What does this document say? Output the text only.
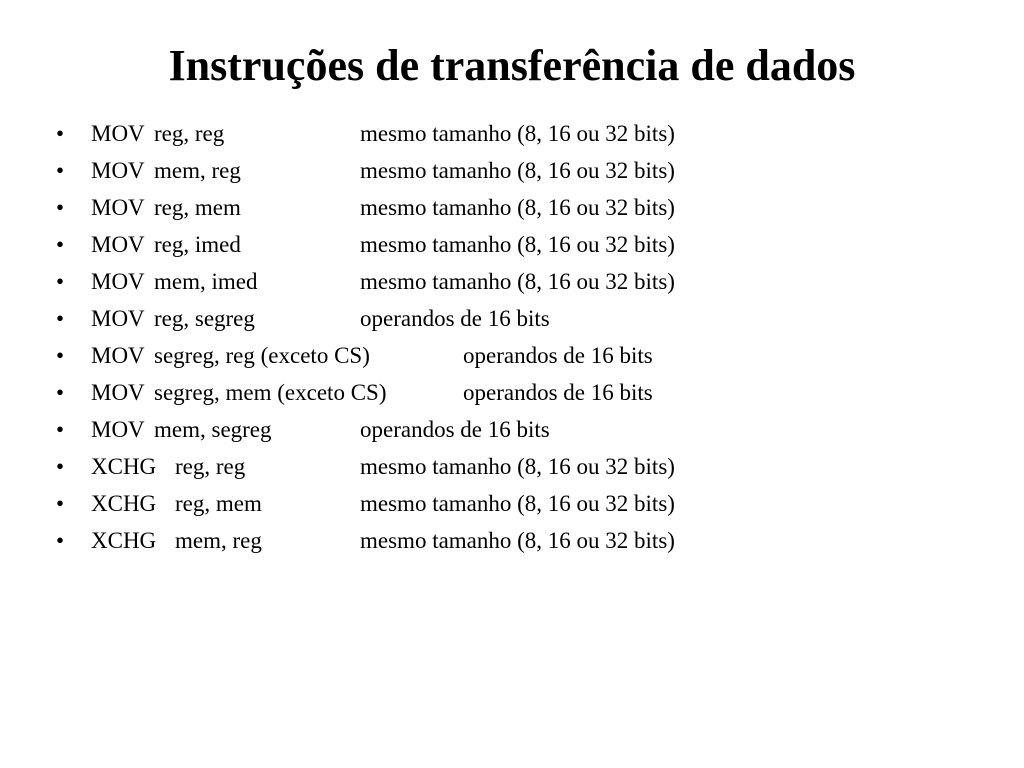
Instruções de transferência de dados
• MOV reg, reg	mesmo tamanho (8, 16 ou 32 bits)
• MOV mem, reg	mesmo tamanho (8, 16 ou 32 bits)
• MOV reg, mem	mesmo tamanho (8, 16 ou 32 bits)
• MOV reg, imed	mesmo tamanho (8, 16 ou 32 bits)
• MOV mem, imed	mesmo tamanho (8, 16 ou 32 bits)
• MOV reg, segreg	operandos de 16 bits
• MOV segreg, reg (exceto CS)	operandos de 16 bits
• MOV segreg, mem (exceto CS)	operandos de 16 bits
• MOV mem, segreg	operandos de 16 bits
• XCHG reg, reg	mesmo tamanho (8, 16 ou 32 bits)
• XCHG reg, mem	mesmo tamanho (8, 16 ou 32 bits)
• XCHG mem, reg	mesmo tamanho (8, 16 ou 32 bits)
